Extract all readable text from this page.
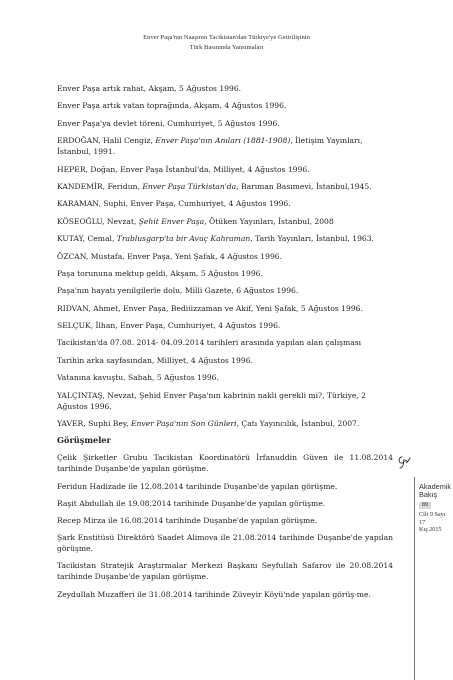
Enver Paşa'nın Naaşının Tacikistan'dan Türkiye'ye Getirilişinin
Türk Basınında Yansımaları
Enver Paşa artık rahat, Akşam, 5 Ağustos 1996.
Enver Paşa artık vatan toprağında, Akşam, 4 Ağustos 1996.
Enver Paşa'ya devlet töreni, Cumhuriyet, 5 Ağustos 1996.
ERDOĞAN, Halil Cengiz, Enver Paşa'nın Anıları (1881-1908), İletişim Yayınları, İstanbul, 1991.
HEPER, Doğan, Enver Paşa İstanbul'da, Milliyet, 4 Ağustos 1996.
KANDEMİR, Feridun, Enver Paşa Türkistan'da, Barıman Basımevi, İstanbul,1945.
KARAMAN, Suphi, Enver Paşa, Cumhuriyet, 4 Ağustos 1996.
KÖSEOĞLU, Nevzat, Şehit Enver Paşa, Ötüken Yayınları, İstanbul, 2008
KUTAY, Cemal, Trablusgarp'ta bir Avuç Kahraman, Tarih Yayınları, İstanbul, 1963.
ÖZCAN, Mustafa, Enver Paşa, Yeni Şafak, 4 Ağustos 1996.
Paşa torununa mektup geldi, Akşam, 5 Ağustos 1996.
Paşa'nın hayatı yenilgilerle dolu, Milli Gazete, 6 Ağustos 1996.
RIDVAN, Ahmet, Enver Paşa, Bediüzzaman ve Akif, Yeni Şafak, 5 Ağustos 1996.
SELÇUK, İlhan, Enver Paşa, Cumhuriyet, 4 Ağustos 1996.
Tacikistan'da 07.08. 2014- 04.09.2014 tarihleri arasında yapılan alan çalışması
Tarihin arka sayfasından, Milliyet, 4 Ağustos 1996.
Vatanına kavuştu, Sabah, 5 Ağustos 1996.
YALÇINTAŞ, Nevzat, Şehid Enver Paşa'nın kabrinin nakli gerekli mi?, Türkiye, 2 Ağustos 1996.
YAVER, Suphi Bey, Enver Paşa'nın Son Günleri, Çatı Yayıncılık, İstanbul, 2007.
Görüşmeler
Çelik Şirketler Grubu Tacikistan Koordinatörü İrfanuddin Güven ile 11.08.2014 tarihinde Duşanbe'de yapılan görüşme.
Feridun Hadizade ile 12.08.2014 tarihinde Duşanbe'de yapılan görüşme.
Raşit Abdullah ile 19.08.2014 tarihinde Duşanbe'de yapılan görüşme.
Recep Mirza ile 16.08.2014 tarihinde Duşanbe'de yapılan görüşme.
Şark Enstitüsü Direktörü Saadet Alimova ile 21.08.2014 tarihinde Duşanbe'de yapılan görüşme.
Tacikistan Stratejik Araştırmalar Merkezi Başkanı Seyfullah Safarov ile 20.08.2014 tarihinde Duşanbe'de yapılan görüşme.
Zeydullah Muzafferi ile 31.08.2014 tarihinde Züveyir Köyü'nde yapılan görüş-me.
Akademik
Bakış
89
Cilt 9 Sayı 17
Kış 2015
